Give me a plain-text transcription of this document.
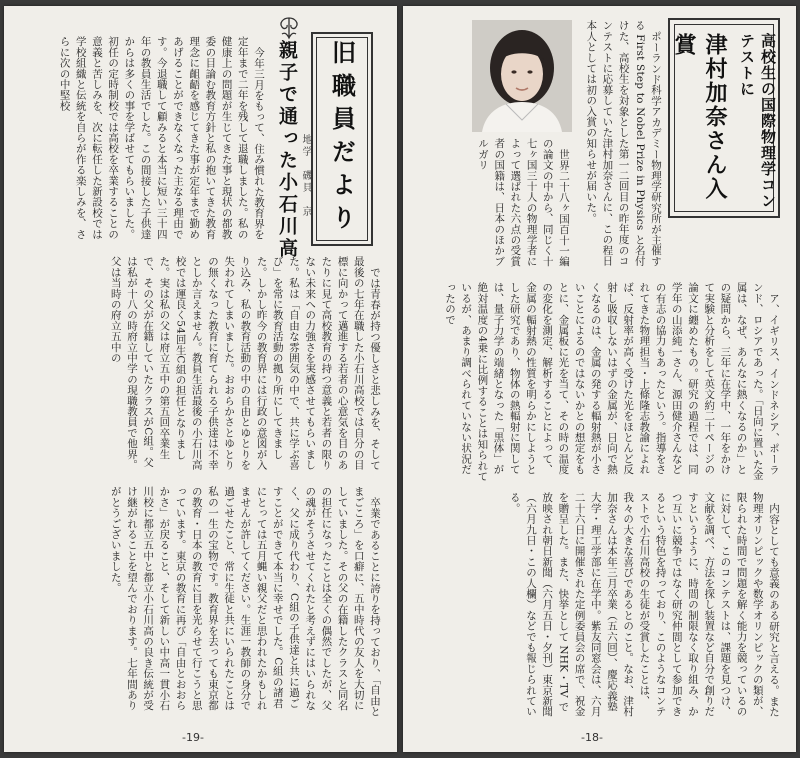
旧職員だより
親子で通った小石川高 地学　磯貝　京

今年三月をもって、住み慣れた教育界を定年まで二年を残して退職しました。私の健康上の問題が生じてきた事と現状の都教委の目論む教育方針と私の抱いてきた教育理念に齟齬を感じてきた事が定年まで勤めあげることができなくなった主なる理由です。今退職して顧みると本当に短い三十四年の教員生活でした。この間接した子供達からは多くの事を学ばせてもらいました。初任の定時制校では高校を卒業することの意義と苦しみを、次に転任した新設校では学校組織と伝統を自らが作る楽しみを、さらに次の中堅校

では青春が持つ優しさと悲しみを、そして最後の七年在職した小石川高校では自分の目標に向かって邁進する若者の心意気を目のあたりに見て高校教育の持つ意義と若者の限りない未来への力強さを実感させてもらいました。私は「自由な雰囲気の中で、共に学ぶ喜び」を常に教育活動の拠り所にしてきました。しかし昨今の教育界には行政の意図が入り込み、私の教育活動の中の自由とゆとりを失われてしまいました。おおらかさとゆとりの無くなった教育に育てられる子供達は不幸としか言えません。教員生活最後の小石川高校では運良く54回生C組の担任となりました。実は私の父は府立五中の第五回卒業生で、その父が在籍していたクラスがC組。父は私が十八の時府立中学の現職教員で他界。父は当時の府立五中の

卒業であることに誇りを持っており、「自由とまごころ」を口癖に、五中時代の友人を大切にしていました。その父の在籍したクラスと同名の担任になったことは全くの偶然でしたが、父の魂がそうさせてくれたと考えずにはいられなく、父に成り代わり、C組の子供達と共に過ごすことができて本当に幸せでした。C組の諸君にとっては五月蝿い親父だと思われたかもしれませんが許してください。生涯一教師の身分で過ごせたこと、常に生徒と共にいられたことは私の一生の宝物です。教育界を去っても東京都の教育・日本の教育に目を光らせて行こうと思っています。東京の教育に再び「自由とおおらかさ」が戻ること、そして新しい中高一貫小石川校に都立五中と都立小石川高の良き伝統が受け継がれることを望んでおります。七年間ありがとうございました。

-19-
高校生の国際物理学コンテストに
津村加奈さん入賞

ポーランド科学アカデミー物理学研究所が主催する First Step to Nobel Prize in Physics と名付けた、高校生を対象とした第一二回目の昨年度のコンテストに応募していた津村加奈さんに、この程日本人としては初の入賞の知らせが届いた。

世界二十八ヶ国百十一編の論文の中から、同じく十七ヶ国三十人の物理学者によって選ばれた六点の受賞者の国籍は、日本のほかブルガリ

ア、イギリス、インドネシア、ポーランド、ロシアであった。「日向に置いた金属は、なぜ、あんなに熱くなるのか」との疑問から、三年に在学中、一年をかけて実験と分析をして英文約二十ページの論文に纏めたもの。研究の過程では、同学年の山添純一さん、源田健介さんなどの有志の協力もあったという。指導をされてきた物理担当・上條隆志教諭によれば、反射率が高く受けた光をほとんど反射し吸収しないはずの金属が、日向で熱くなるのは、金属の発する輻射熱が小さいことによるのではないかとの想定をもとに、金属板に光を当て、その時の温度の変化を測定、解析することによって、金属の輻射熱の性質を明らかにしようとした研究であり、物体の熱輻射に関しては、量子力学の端緒となった「黒体」が絶対温度の4乗に比例することは知られているが、あまり調べられていない状況だったので

内容としても意義のある研究と言える。また物理オリンピックや数学オリンピックの類が、限られた時間で問題を解く能力を競っているのに対して、このコンテストは、課題を見つけ、文献を調べ、方法を探し装置など自分で創りだすというように、時間の制限なく取り組み、かつ互いに競争ではなく研究仲間として参加できるという特色を持っており、このようなコンテストで小石川高校の生徒が受賞したことは、我々の大きな喜びであるとのこと。なお、津村加奈さんは本年三月卒業（五六回）、慶応義塾大学・理工学部に在学中。紫友同窓会は、六月二十六日に開催された定例委員会の席で、祝金を贈呈した。また、快挙として NHK・TV で放映され朝日新聞（六月五日・夕刊）東京新聞（六月九日・この人欄）などでも報じられている。

-18-
